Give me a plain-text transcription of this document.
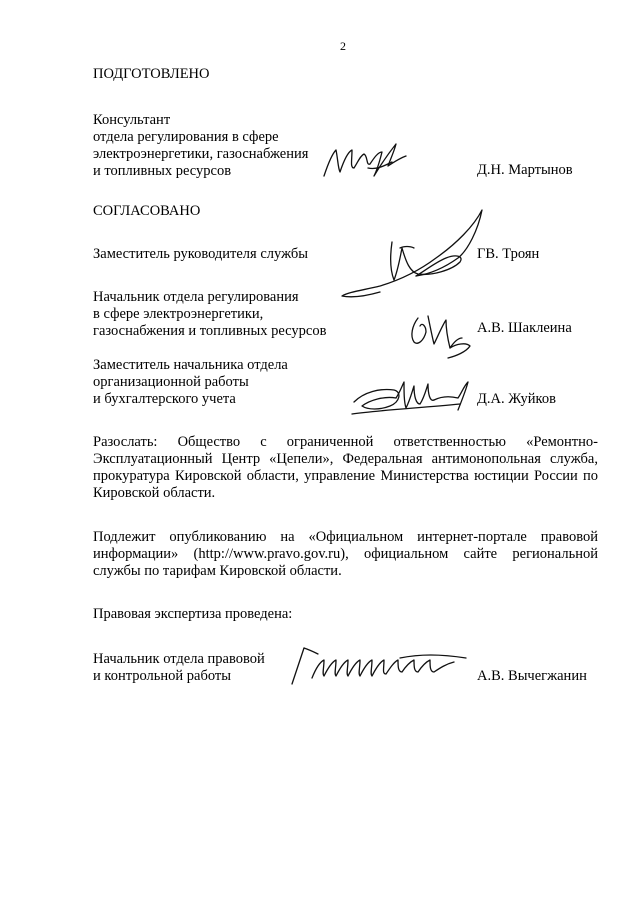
2
ПОДГОТОВЛЕНО
Консультант
отдела регулирования в сфере
электроэнергетики, газоснабжения
и топливных ресурсов	Д.Н. Мартынов
СОГЛАСОВАНО
Заместитель руководителя службы	ГВ. Троян
Начальник отдела регулирования
в сфере электроэнергетики,
газоснабжения и топливных ресурсов	А.В. Шаклеина
Заместитель начальника отдела
организационной работы
и бухгалтерского учета	Д.А. Жуйков

Разослать: Общество с ограниченной ответственностью «Ремонтно-Эксплуатационный Центр «Цепели», Федеральная антимонопольная служба, прокуратура Кировской области, управление Министерства юстиции России по Кировской области.

Подлежит опубликованию на «Официальном интернет-портале правовой информации» (http://www.pravo.gov.ru), официальном сайте региональной службы по тарифам Кировской области.

Правовая экспертиза проведена:
Начальник отдела правовой
и контрольной работы	А.В. Вычегжанин
